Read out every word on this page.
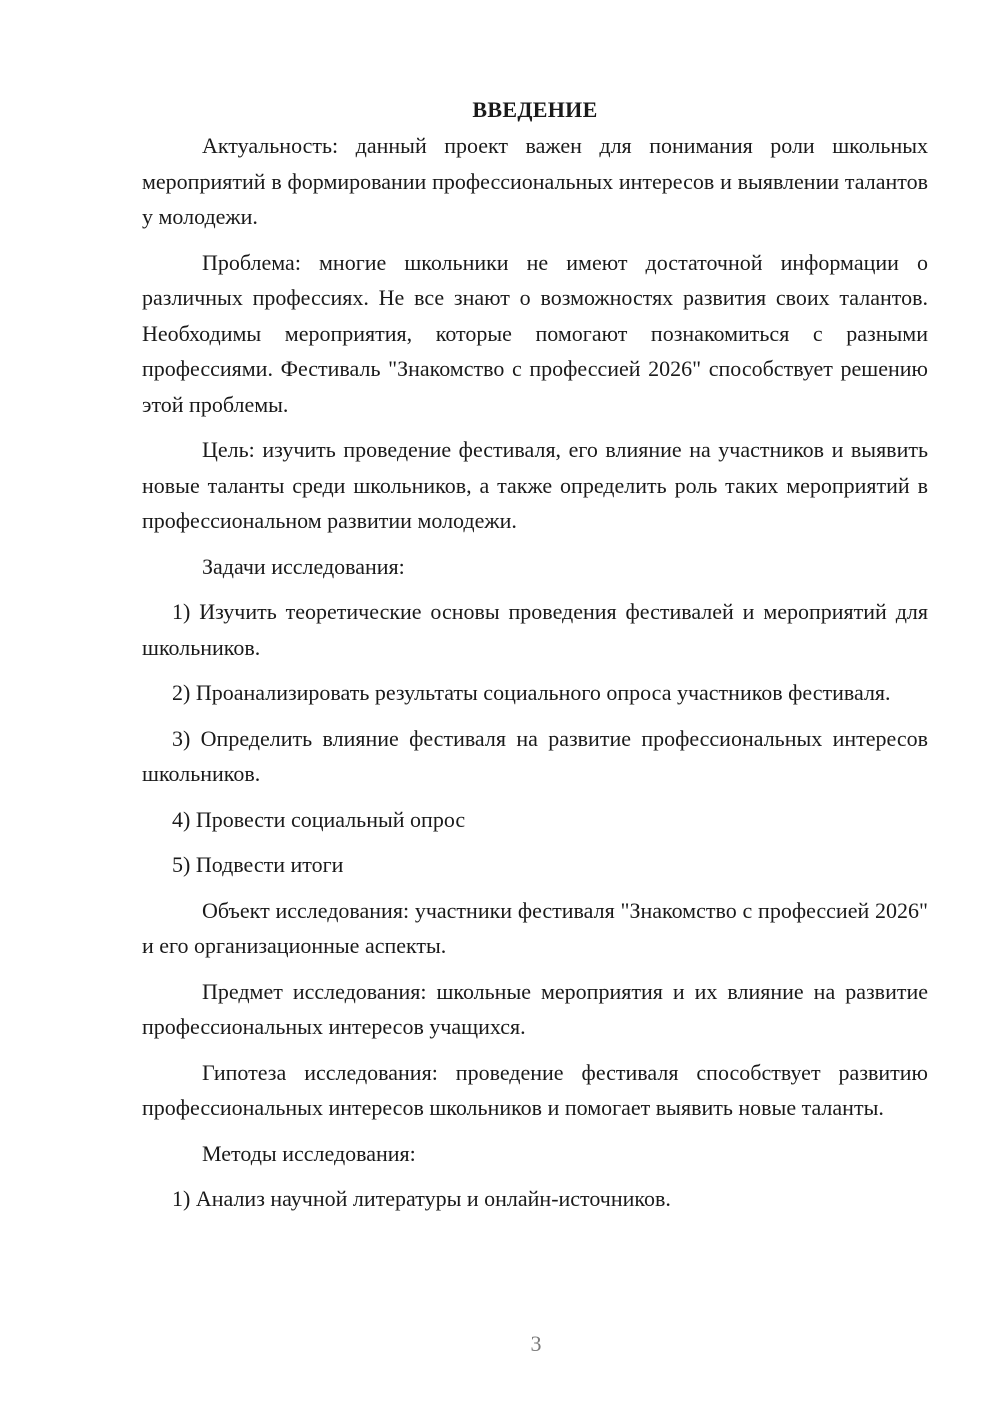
ВВЕДЕНИЕ

Актуальность: данный проект важен для понимания роли школьных мероприятий в формировании профессиональных интересов и выявлении талантов у молодежи.

Проблема: многие школьники не имеют достаточной информации о различных профессиях. Не все знают о возможностях развития своих талантов. Необходимы мероприятия, которые помогают познакомиться с разными профессиями. Фестиваль "Знакомство с профессией 2026" способствует решению этой проблемы.

Цель: изучить проведение фестиваля, его влияние на участников и выявить новые таланты среди школьников, а также определить роль таких мероприятий в профессиональном развитии молодежи.

Задачи исследования:

1) Изучить теоретические основы проведения фестивалей и мероприятий для школьников.

2) Проанализировать результаты социального опроса участников фестиваля.

3) Определить влияние фестиваля на развитие профессиональных интересов школьников.

4) Провести социальный опрос

5) Подвести итоги

Объект исследования: участники фестиваля "Знакомство с профессией 2026" и его организационные аспекты.

Предмет исследования: школьные мероприятия и их влияние на развитие профессиональных интересов учащихся.

Гипотеза исследования: проведение фестиваля способствует развитию профессиональных интересов школьников и помогает выявить новые таланты.

Методы исследования:

1) Анализ научной литературы и онлайн-источников.

3
